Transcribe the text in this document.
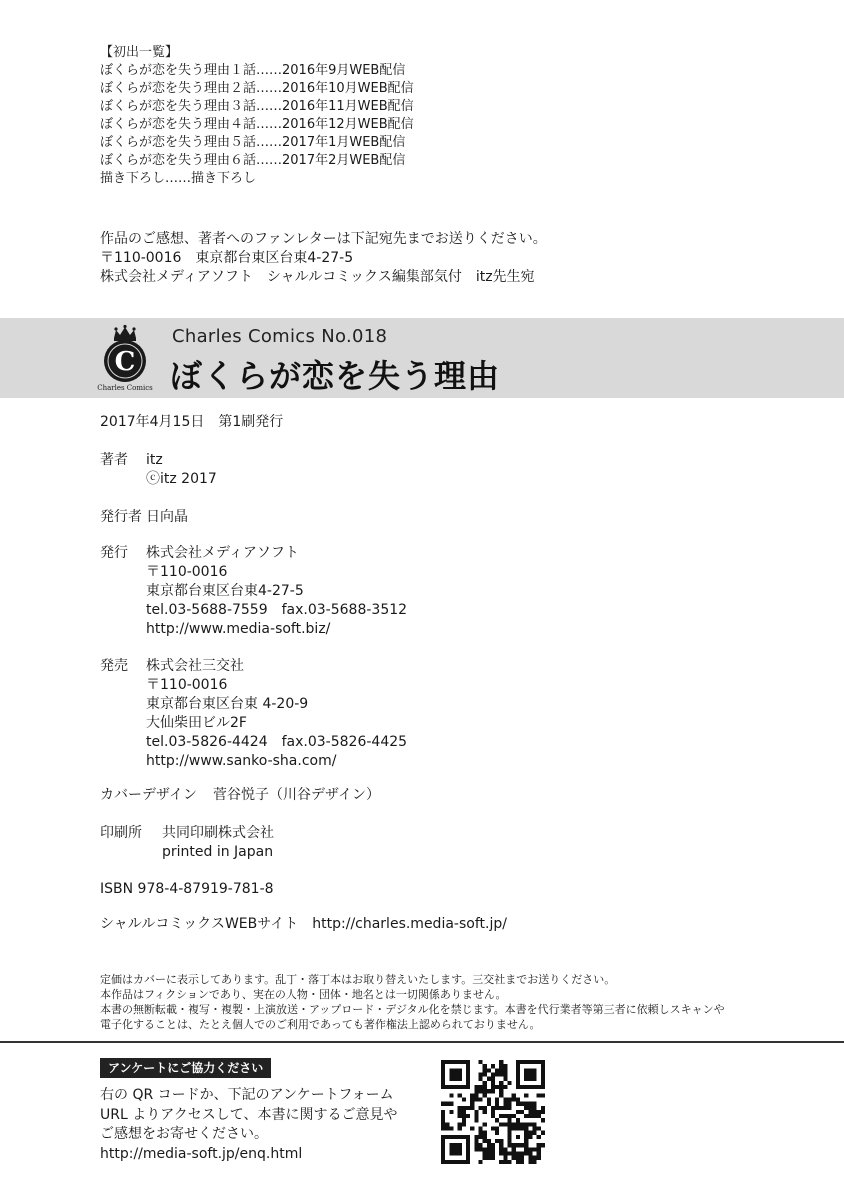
【初出一覧】
ぼくらが恋を失う理由１話……2016年9月WEB配信
ぼくらが恋を失う理由２話……2016年10月WEB配信
ぼくらが恋を失う理由３話……2016年11月WEB配信
ぼくらが恋を失う理由４話……2016年12月WEB配信
ぼくらが恋を失う理由５話……2017年1月WEB配信
ぼくらが恋を失う理由６話……2017年2月WEB配信
描き下ろし……描き下ろし
作品のご感想、著者へのファンレターは下記宛先までお送りください。
〒110-0016　東京都台東区台東4-27-5
株式会社メディアソフト　シャルルコミックス編集部気付　itz先生宛
C
Charles Comics
Charles Comics No.018
ぼくらが恋を失う理由
2017年4月15日　第1刷発行
著者 itz
ⓒitz 2017
発行者 日向晶
発行 株式会社メディアソフト
〒110-0016
東京都台東区台東4-27-5
tel.03-5688-7559　fax.03-5688-3512
http://www.media-soft.biz/
発売 株式会社三交社
〒110-0016
東京都台東区台東 4-20-9
大仙柴田ビル2F
tel.03-5826-4424　fax.03-5826-4425
http://www.sanko-sha.com/
カバーデザイン 菅谷悦子（川谷デザイン）
印刷所 共同印刷株式会社
printed in Japan
ISBN 978-4-87919-781-8
シャルルコミックスWEBサイト http://charles.media-soft.jp/
定価はカバーに表示してあります。乱丁・落丁本はお取り替えいたします。三交社までお送りください。
本作品はフィクションであり、実在の人物・団体・地名とは一切関係ありません。
本書の無断転載・複写・複製・上演放送・アップロード・デジタル化を禁じます。本書を代行業者等第三者に依頼しスキャンや
電子化することは、たとえ個人でのご利用であっても著作権法上認められておりません。
アンケートにご協力ください
右の QR コードか、下記のアンケートフォーム
URL よりアクセスして、本書に関するご意見や
ご感想をお寄せください。
http://media-soft.jp/enq.html
